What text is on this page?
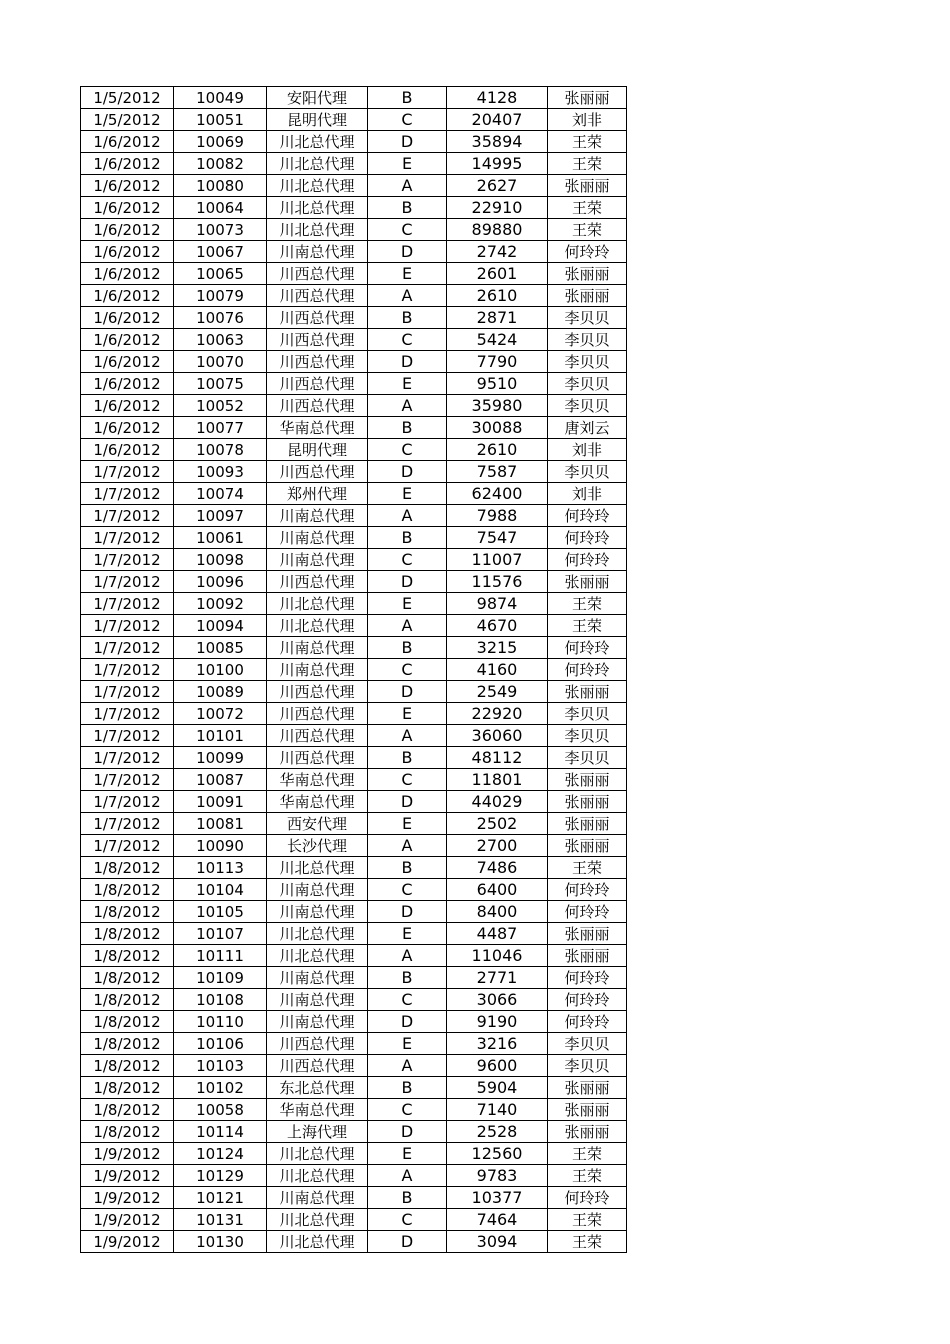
1/5/2012	10049	安阳代理	B	4128	张丽丽
1/5/2012	10051	昆明代理	C	20407	刘非
1/6/2012	10069	川北总代理	D	35894	王荣
1/6/2012	10082	川北总代理	E	14995	王荣
1/6/2012	10080	川北总代理	A	2627	张丽丽
1/6/2012	10064	川北总代理	B	22910	王荣
1/6/2012	10073	川北总代理	C	89880	王荣
1/6/2012	10067	川南总代理	D	2742	何玲玲
1/6/2012	10065	川西总代理	E	2601	张丽丽
1/6/2012	10079	川西总代理	A	2610	张丽丽
1/6/2012	10076	川西总代理	B	2871	李贝贝
1/6/2012	10063	川西总代理	C	5424	李贝贝
1/6/2012	10070	川西总代理	D	7790	李贝贝
1/6/2012	10075	川西总代理	E	9510	李贝贝
1/6/2012	10052	川西总代理	A	35980	李贝贝
1/6/2012	10077	华南总代理	B	30088	唐刘云
1/6/2012	10078	昆明代理	C	2610	刘非
1/7/2012	10093	川西总代理	D	7587	李贝贝
1/7/2012	10074	郑州代理	E	62400	刘非
1/7/2012	10097	川南总代理	A	7988	何玲玲
1/7/2012	10061	川南总代理	B	7547	何玲玲
1/7/2012	10098	川南总代理	C	11007	何玲玲
1/7/2012	10096	川西总代理	D	11576	张丽丽
1/7/2012	10092	川北总代理	E	9874	王荣
1/7/2012	10094	川北总代理	A	4670	王荣
1/7/2012	10085	川南总代理	B	3215	何玲玲
1/7/2012	10100	川南总代理	C	4160	何玲玲
1/7/2012	10089	川西总代理	D	2549	张丽丽
1/7/2012	10072	川西总代理	E	22920	李贝贝
1/7/2012	10101	川西总代理	A	36060	李贝贝
1/7/2012	10099	川西总代理	B	48112	李贝贝
1/7/2012	10087	华南总代理	C	11801	张丽丽
1/7/2012	10091	华南总代理	D	44029	张丽丽
1/7/2012	10081	西安代理	E	2502	张丽丽
1/7/2012	10090	长沙代理	A	2700	张丽丽
1/8/2012	10113	川北总代理	B	7486	王荣
1/8/2012	10104	川南总代理	C	6400	何玲玲
1/8/2012	10105	川南总代理	D	8400	何玲玲
1/8/2012	10107	川北总代理	E	4487	张丽丽
1/8/2012	10111	川北总代理	A	11046	张丽丽
1/8/2012	10109	川南总代理	B	2771	何玲玲
1/8/2012	10108	川南总代理	C	3066	何玲玲
1/8/2012	10110	川南总代理	D	9190	何玲玲
1/8/2012	10106	川西总代理	E	3216	李贝贝
1/8/2012	10103	川西总代理	A	9600	李贝贝
1/8/2012	10102	东北总代理	B	5904	张丽丽
1/8/2012	10058	华南总代理	C	7140	张丽丽
1/8/2012	10114	上海代理	D	2528	张丽丽
1/9/2012	10124	川北总代理	E	12560	王荣
1/9/2012	10129	川北总代理	A	9783	王荣
1/9/2012	10121	川南总代理	B	10377	何玲玲
1/9/2012	10131	川北总代理	C	7464	王荣
1/9/2012	10130	川北总代理	D	3094	王荣
